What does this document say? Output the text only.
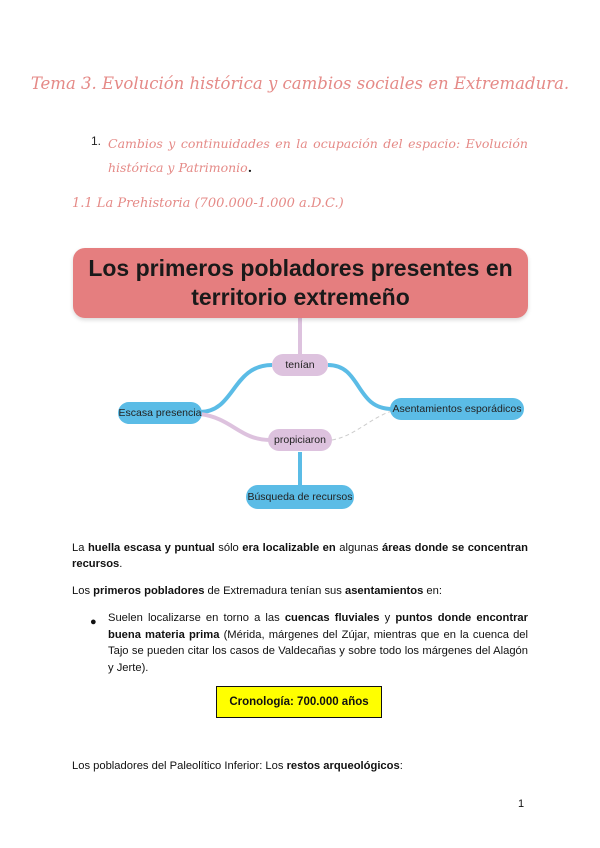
Tema 3. Evolución histórica y cambios sociales en Extremadura.
1. Cambios y continuidades en la ocupación del espacio: Evolución histórica y Patrimonio.
1.1 La Prehistoria (700.000-1.000 a.D.C.)
Los primeros pobladores presentes en
territorio extremeño
tenían
Escasa presencia	Asentamientos esporádicos
propiciaron
Búsqueda de recursos
La huella escasa y puntual sólo era localizable en algunas áreas donde se concentran recursos.
Los primeros pobladores de Extremadura tenían sus asentamientos en:
● Suelen localizarse en torno a las cuencas fluviales y puntos donde encontrar buena materia prima (Mérida, márgenes del Zújar, mientras que en la cuenca del Tajo se pueden citar los casos de Valdecañas y sobre todo los márgenes del Alagón y Jerte).
Cronología: 700.000 años
Los pobladores del Paleolítico Inferior: Los restos arqueológicos:
1
